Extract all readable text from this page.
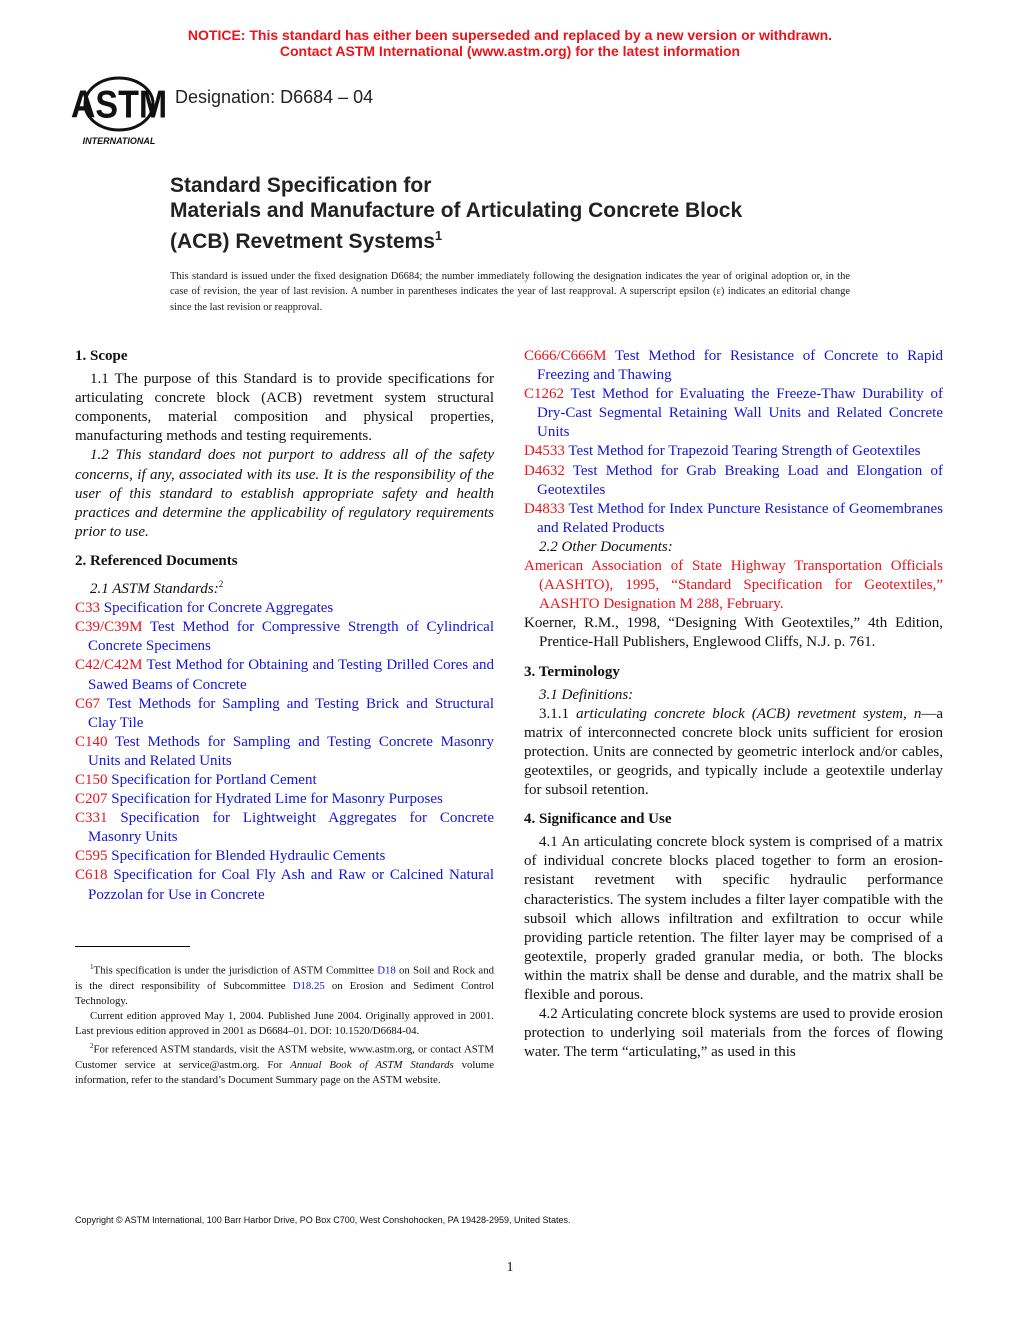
NOTICE: This standard has either been superseded and replaced by a new version or withdrawn.
Contact ASTM International (www.astm.org) for the latest information
ASTM
INTERNATIONAL
Designation: D6684 – 04
Standard Specification for
Materials and Manufacture of Articulating Concrete Block
(ACB) Revetment Systems$^1$
This standard is issued under the fixed designation D6684; the number immediately following the designation indicates the year of original adoption or, in the case of revision, the year of last revision. A number in parentheses indicates the year of last reapproval. A superscript epsilon (ε) indicates an editorial change since the last revision or reapproval.
1. Scope

1.1 The purpose of this Standard is to provide specifications for articulating concrete block (ACB) revetment system structural components, material composition and physical properties, manufacturing methods and testing requirements.

1.2 This standard does not purport to address all of the safety concerns, if any, associated with its use. It is the responsibility of the user of this standard to establish appropriate safety and health practices and determine the applicability of regulatory requirements prior to use.

2. Referenced Documents

2.1 ASTM Standards:$^2$

C33 Specification for Concrete Aggregates
C39/C39M Test Method for Compressive Strength of Cylindrical Concrete Specimens
C42/C42M Test Method for Obtaining and Testing Drilled Cores and Sawed Beams of Concrete
C67 Test Methods for Sampling and Testing Brick and Structural Clay Tile
C140 Test Methods for Sampling and Testing Concrete Masonry Units and Related Units
C150 Specification for Portland Cement
C207 Specification for Hydrated Lime for Masonry Purposes
C331 Specification for Lightweight Aggregates for Concrete Masonry Units
C595 Specification for Blended Hydraulic Cements
C618 Specification for Coal Fly Ash and Raw or Calcined Natural Pozzolan for Use in Concrete
C666/C666M Test Method for Resistance of Concrete to Rapid Freezing and Thawing
C1262 Test Method for Evaluating the Freeze-Thaw Durability of Dry-Cast Segmental Retaining Wall Units and Related Concrete Units
D4533 Test Method for Trapezoid Tearing Strength of Geotextiles
D4632 Test Method for Grab Breaking Load and Elongation of Geotextiles
D4833 Test Method for Index Puncture Resistance of Geomembranes and Related Products

2.2 Other Documents:

American Association of State Highway Transportation Officials (AASHTO), 1995, “Standard Specification for Geotextiles,” AASHTO Designation M 288, February.
Koerner, R.M., 1998, “Designing With Geotextiles,” 4th Edition, Prentice-Hall Publishers, Englewood Cliffs, N.J. p. 761.
3. Terminology

3.1 Definitions:

3.1.1 articulating concrete block (ACB) revetment system, n—a matrix of interconnected concrete block units sufficient for erosion protection. Units are connected by geometric interlock and/or cables, geotextiles, or geogrids, and typically include a geotextile underlay for subsoil retention.

4. Significance and Use

4.1 An articulating concrete block system is comprised of a matrix of individual concrete blocks placed together to form an erosion-resistant revetment with specific hydraulic performance characteristics. The system includes a filter layer compatible with the subsoil which allows infiltration and exfiltration to occur while providing particle retention. The filter layer may be comprised of a geotextile, properly graded granular media, or both. The blocks within the matrix shall be dense and durable, and the matrix shall be flexible and porous.

4.2 Articulating concrete block systems are used to provide erosion protection to underlying soil materials from the forces of flowing water. The term “articulating,” as used in this

$^1$This specification is under the jurisdiction of ASTM Committee D18 on Soil and Rock and is the direct responsibility of Subcommittee D18.25 on Erosion and Sediment Control Technology.

Current edition approved May 1, 2004. Published June 2004. Originally approved in 2001. Last previous edition approved in 2001 as D6684–01. DOI: 10.1520/D6684-04.

$^2$For referenced ASTM standards, visit the ASTM website, www.astm.org, or contact ASTM Customer service at service@astm.org. For Annual Book of ASTM Standards volume information, refer to the standard’s Document Summary page on the ASTM website.

Copyright © ASTM International, 100 Barr Harbor Drive, PO Box C700, West Conshohocken, PA 19428-2959, United States.
1
